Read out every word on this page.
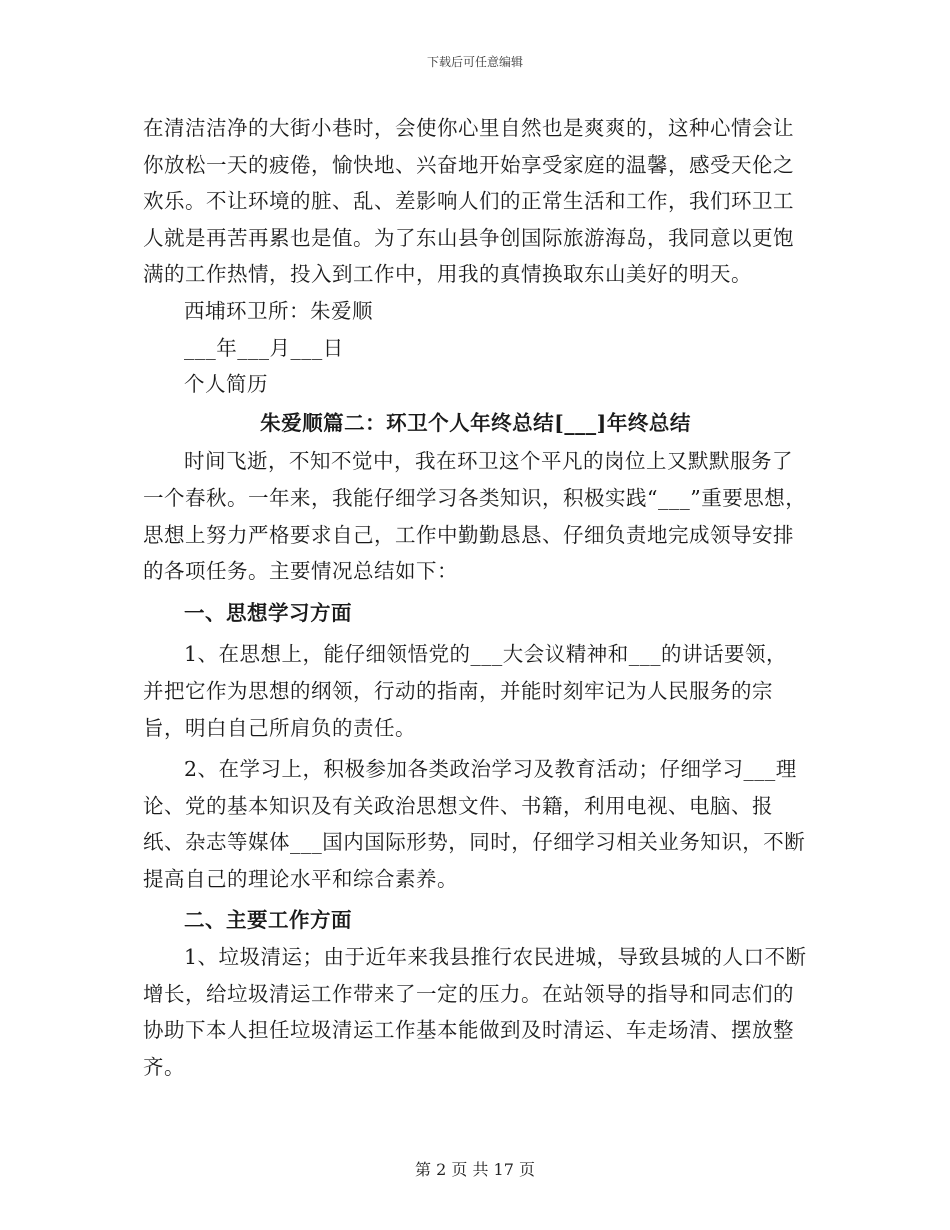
下载后可任意编辑

在清洁洁净的大街小巷时，会使你心里自然也是爽爽的，这种心情会让你放松一天的疲倦，愉快地、兴奋地开始享受家庭的温馨，感受天伦之欢乐。不让环境的脏、乱、差影响人们的正常生活和工作，我们环卫工人就是再苦再累也是值。为了东山县争创国际旅游海岛，我同意以更饱满的工作热情，投入到工作中，用我的真情换取东山美好的明天。

西埔环卫所：朱爱顺

___年___月___日

个人简历

朱爱顺篇二：环卫个人年终总结[___]年终总结

时间飞逝，不知不觉中，我在环卫这个平凡的岗位上又默默服务了一个春秋。一年来，我能仔细学习各类知识，积极实践“___”重要思想，思想上努力严格要求自己，工作中勤勤恳恳、仔细负责地完成领导安排的各项任务。主要情况总结如下：

一、思想学习方面

1、在思想上，能仔细领悟党的___大会议精神和___的讲话要领，并把它作为思想的纲领，行动的指南，并能时刻牢记为人民服务的宗旨，明白自己所肩负的责任。

2、在学习上，积极参加各类政治学习及教育活动；仔细学习___理论、党的基本知识及有关政治思想文件、书籍，利用电视、电脑、报纸、杂志等媒体___国内国际形势，同时，仔细学习相关业务知识，不断提高自己的理论水平和综合素养。

二、主要工作方面

1、垃圾清运；由于近年来我县推行农民进城，导致县城的人口不断增长，给垃圾清运工作带来了一定的压力。在站领导的指导和同志们的协助下本人担任垃圾清运工作基本能做到及时清运、车走场清、摆放整齐。

第 2 页 共 17 页
